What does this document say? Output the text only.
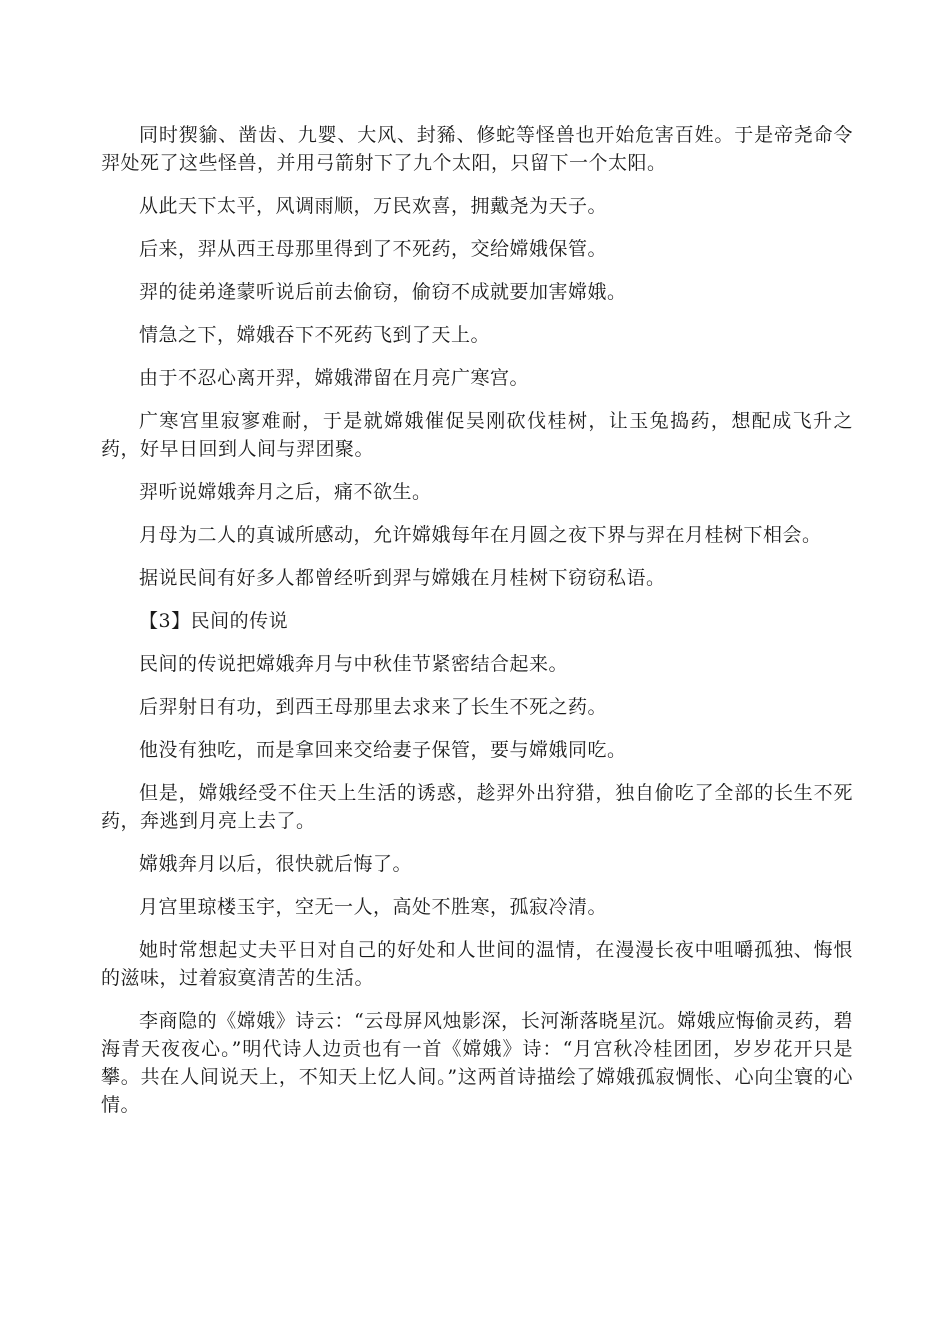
同时猰貐、凿齿、九婴、大风、封豨、修蛇等怪兽也开始危害百姓。于是帝尧命令羿处死了这些怪兽，并用弓箭射下了九个太阳，只留下一个太阳。

从此天下太平，风调雨顺，万民欢喜，拥戴尧为天子。

后来，羿从西王母那里得到了不死药，交给嫦娥保管。

羿的徒弟逄蒙听说后前去偷窃，偷窃不成就要加害嫦娥。

情急之下，嫦娥吞下不死药飞到了天上。

由于不忍心离开羿，嫦娥滞留在月亮广寒宫。

广寒宫里寂寥难耐，于是就嫦娥催促吴刚砍伐桂树，让玉兔捣药，想配成飞升之药，好早日回到人间与羿团聚。

羿听说嫦娥奔月之后，痛不欲生。

月母为二人的真诚所感动，允许嫦娥每年在月圆之夜下界与羿在月桂树下相会。

据说民间有好多人都曾经听到羿与嫦娥在月桂树下窃窃私语。

【3】民间的传说

民间的传说把嫦娥奔月与中秋佳节紧密结合起来。

后羿射日有功，到西王母那里去求来了长生不死之药。

他没有独吃，而是拿回来交给妻子保管，要与嫦娥同吃。

但是，嫦娥经受不住天上生活的诱惑，趁羿外出狩猎，独自偷吃了全部的长生不死药，奔逃到月亮上去了。

嫦娥奔月以后，很快就后悔了。

月宫里琼楼玉宇，空无一人，高处不胜寒，孤寂冷清。

她时常想起丈夫平日对自己的好处和人世间的温情，在漫漫长夜中咀嚼孤独、悔恨的滋味，过着寂寞清苦的生活。

李商隐的《嫦娥》诗云：“云母屏风烛影深，长河渐落晓星沉。嫦娥应悔偷灵药，碧海青天夜夜心。”明代诗人边贡也有一首《嫦娥》诗：“月宫秋冷桂团团，岁岁花开只是攀。共在人间说天上，不知天上忆人间。”这两首诗描绘了嫦娥孤寂惆怅、心向尘寰的心情。
